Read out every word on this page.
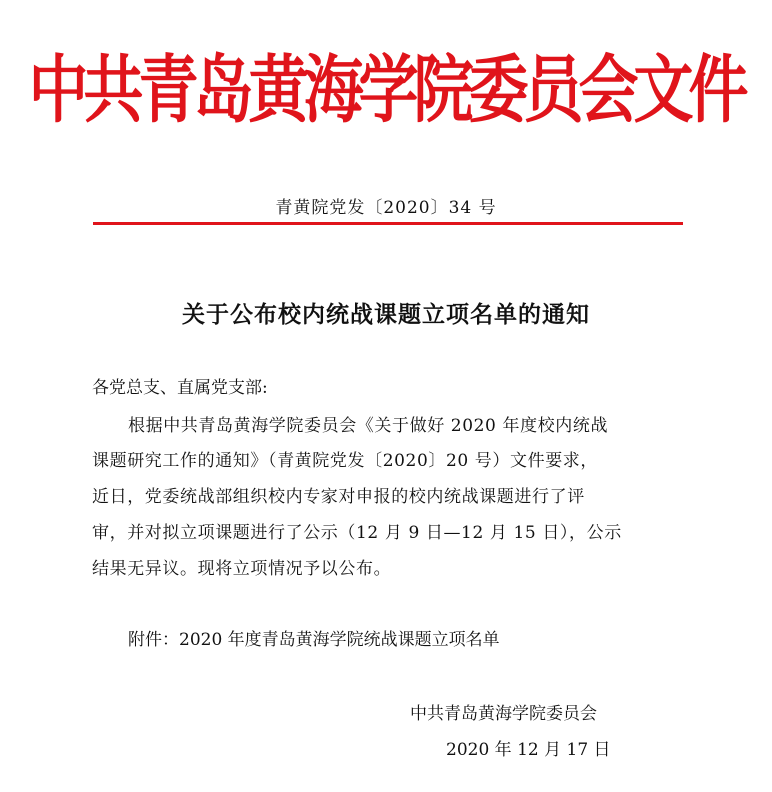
中共青岛黄海学院委员会文件
青黄院党发〔2020〕34 号
关于公布校内统战课题立项名单的通知
各党总支、直属党支部:
根据中共青岛黄海学院委员会《关于做好 2020 年度校内统战
课题研究工作的通知》（青黄院党发〔2020〕20 号）文件要求，
近日，党委统战部组织校内专家对申报的校内统战课题进行了评
审，并对拟立项课题进行了公示（12 月 9 日—12 月 15 日），公示
结果无异议。现将立项情况予以公布。
附件：2020 年度青岛黄海学院统战课题立项名单
中共青岛黄海学院委员会
2020 年 12 月 17 日
